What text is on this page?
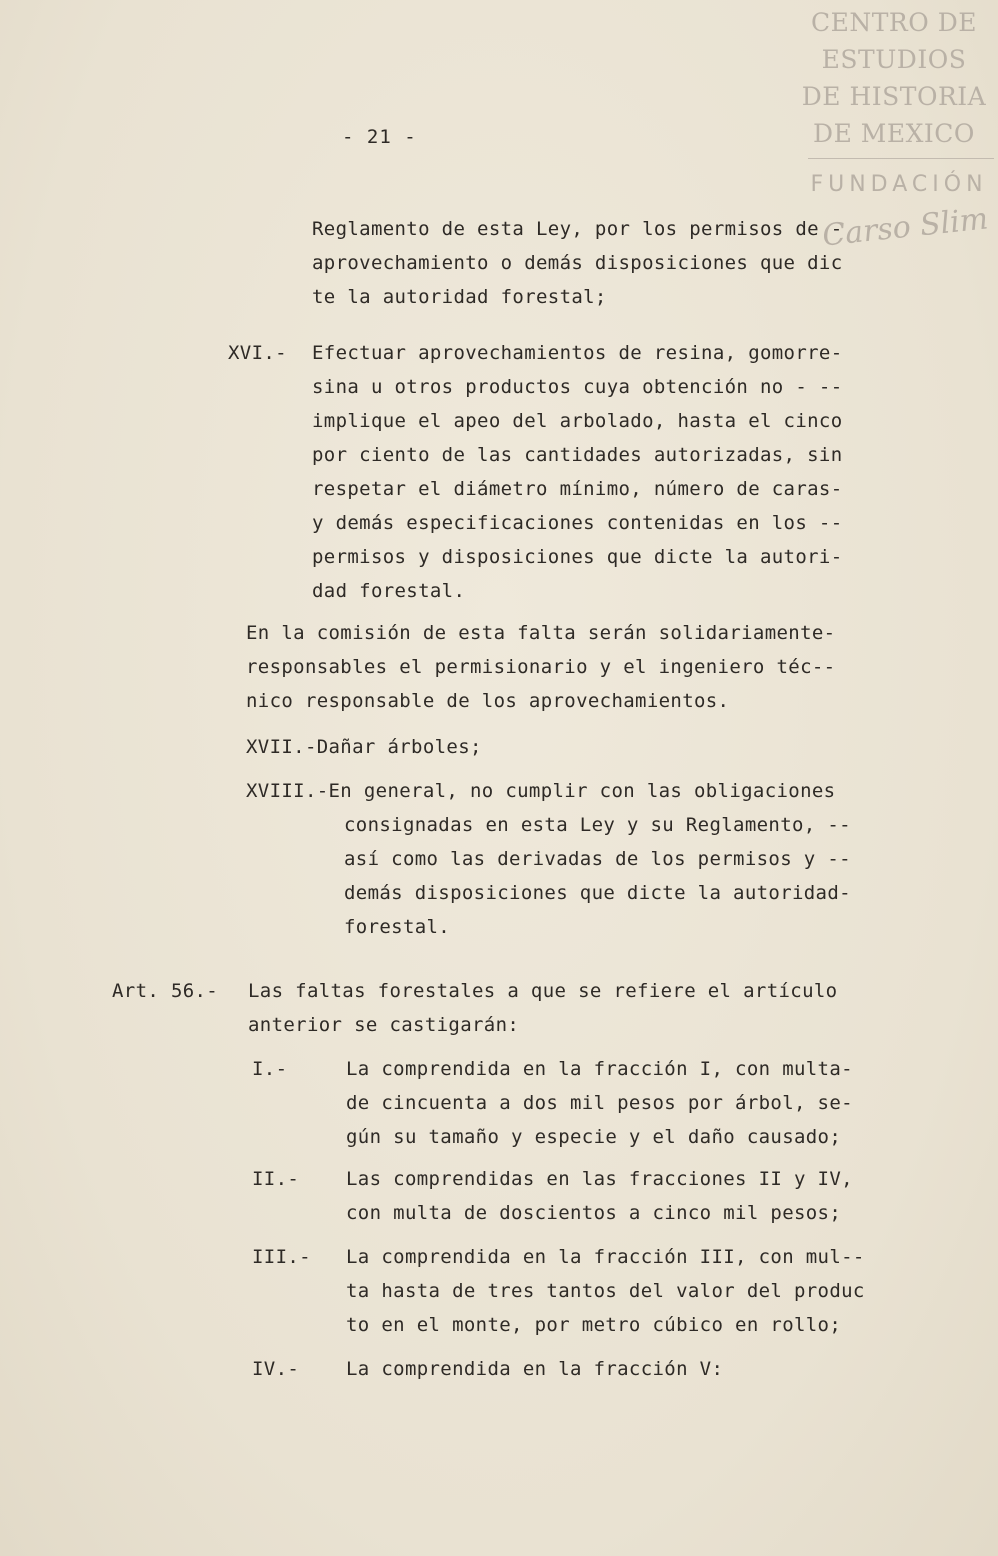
CENTRO DE
ESTUDIOS
DE HISTORIA
DE MEXICO
FUNDACIÓN
Carso Slim
- 21 -
Reglamento de esta Ley, por los permisos de -
aprovechamiento o demás disposiciones que dic
te la autoridad forestal;
XVI.- Efectuar aprovechamientos de resina, gomorre-
sina u otros productos cuya obtención no - --
implique el apeo del arbolado, hasta el cinco
por ciento de las cantidades autorizadas, sin
respetar el diámetro mínimo, número de caras-
y demás especificaciones contenidas en los --
permisos y disposiciones que dicte la autori-
dad forestal.
En la comisión de esta falta serán solidariamente-
responsables el permisionario y el ingeniero téc--
nico responsable de los aprovechamientos.
XVII.-Dañar árboles;
XVIII.-En general, no cumplir con las obligaciones
consignadas en esta Ley y su Reglamento, --
así como las derivadas de los permisos y --
demás disposiciones que dicte la autoridad-
forestal.
Art. 56.- Las faltas forestales a que se refiere el artículo
anterior se castigarán:
I.-	La comprendida en la fracción I, con multa-
de cincuenta a dos mil pesos por árbol, se-
gún su tamaño y especie y el daño causado;
II.- Las comprendidas en las fracciones II y IV,
con multa de doscientos a cinco mil pesos;
III.- La comprendida en la fracción III, con mul--
ta hasta de tres tantos del valor del produc
to en el monte, por metro cúbico en rollo;
IV.- La comprendida en la fracción V:
